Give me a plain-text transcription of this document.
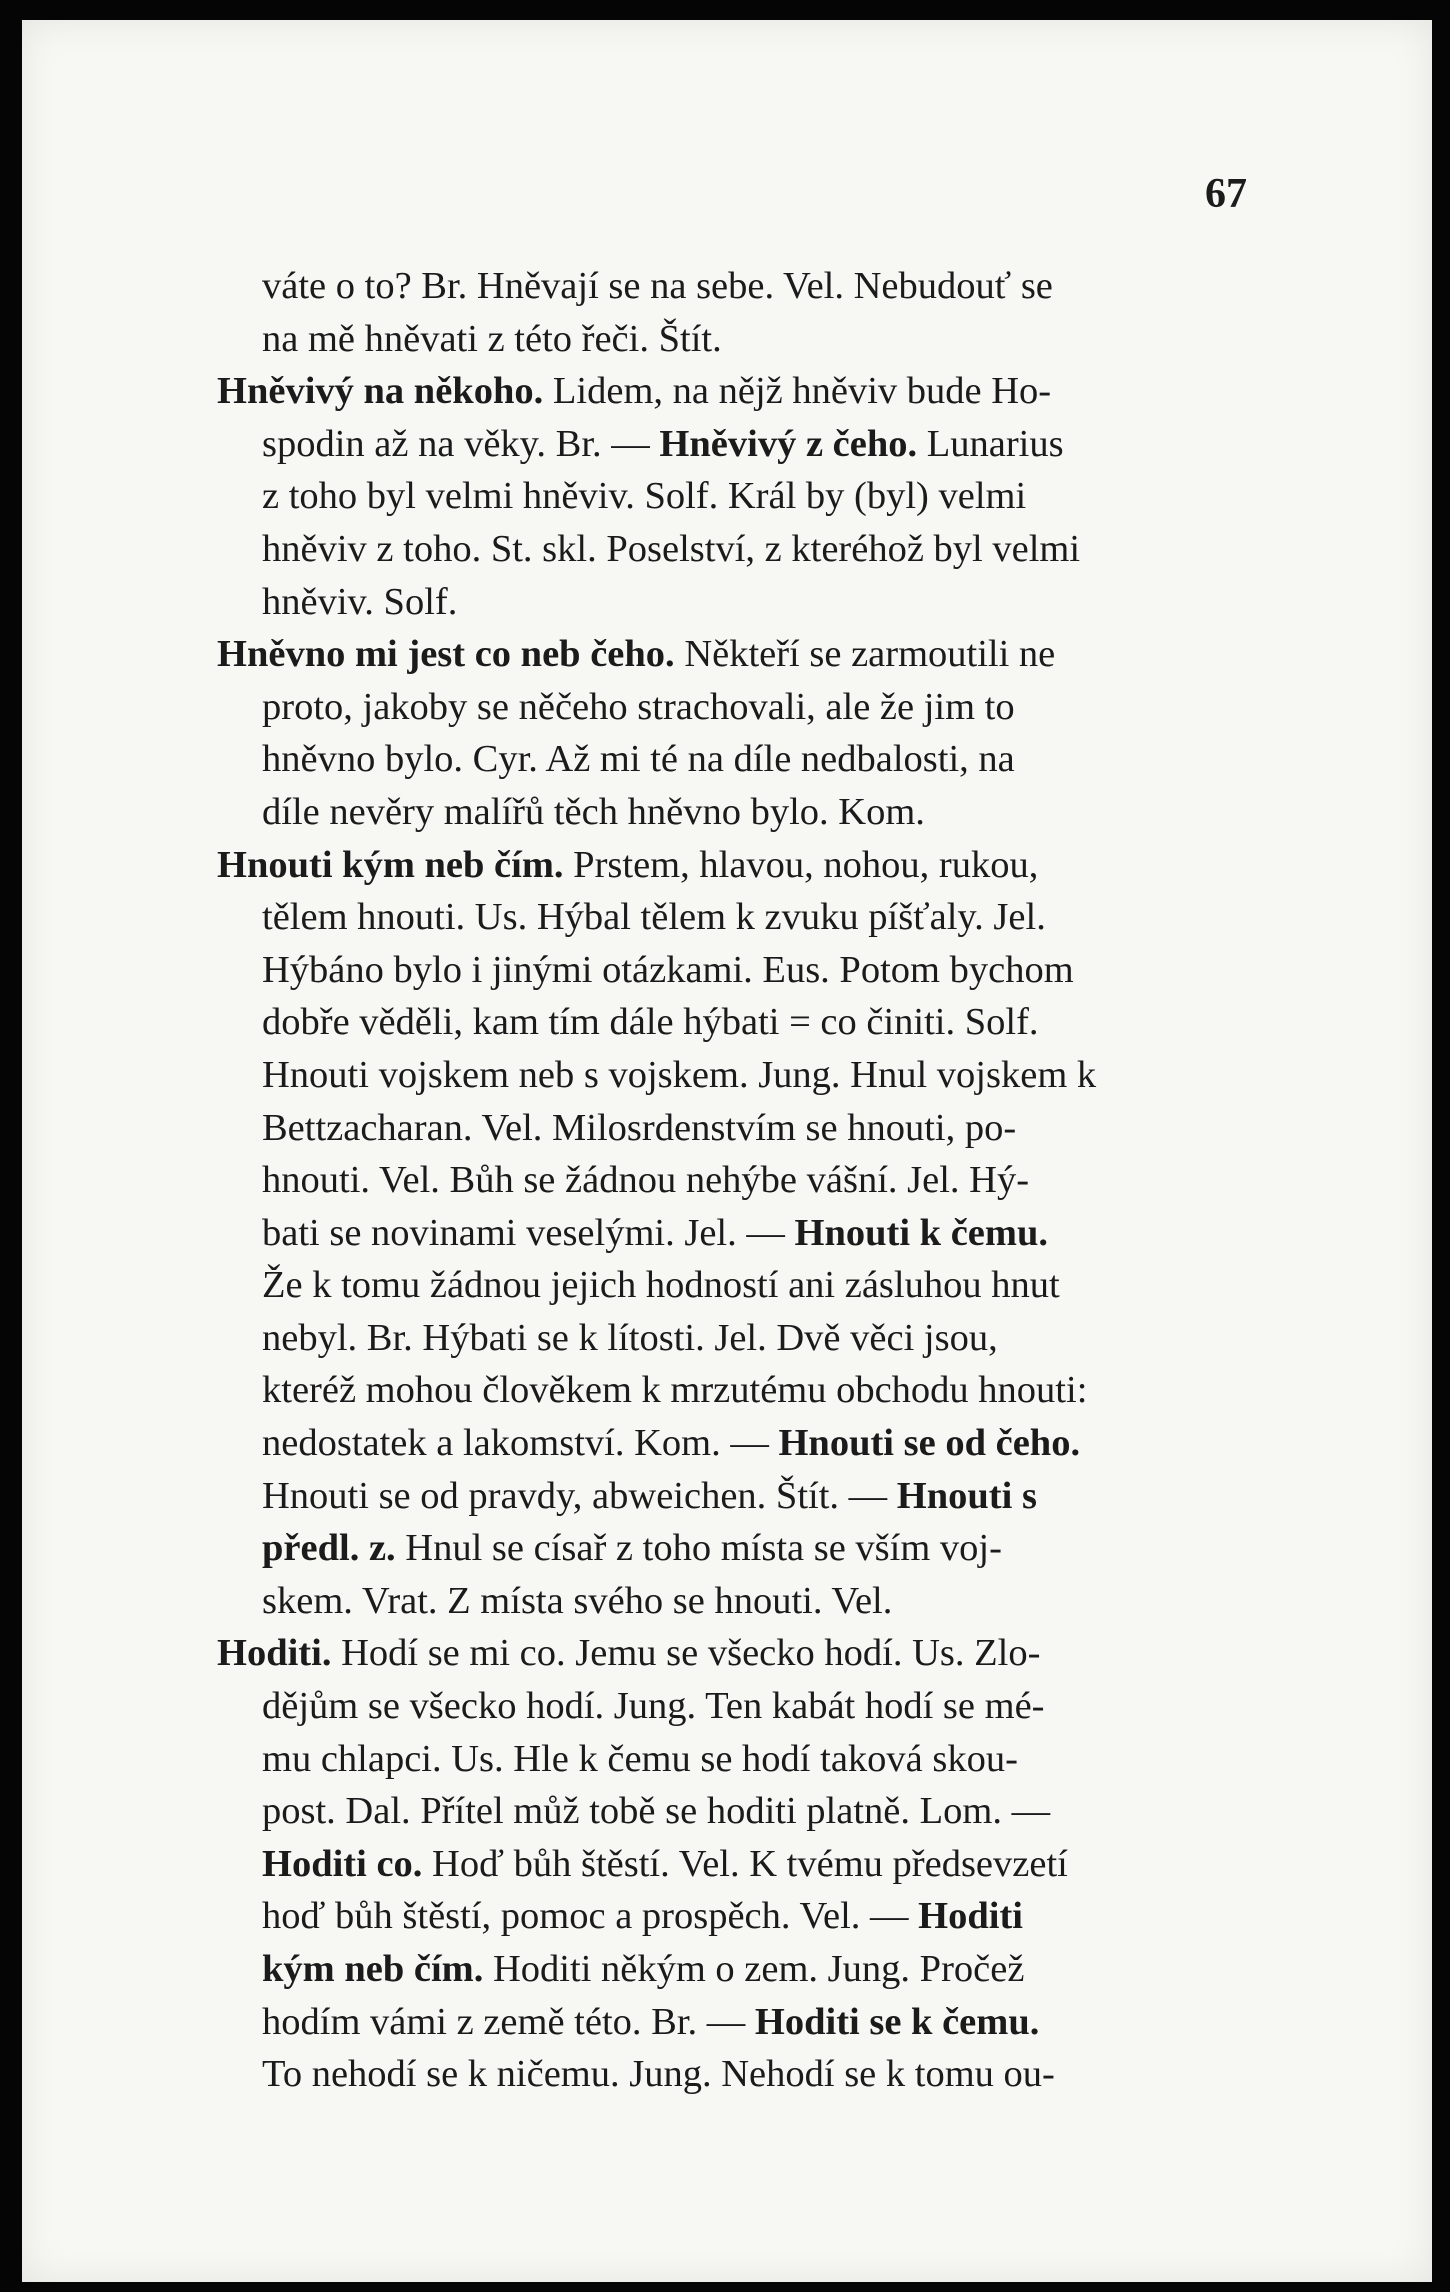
67
váte o to? Br. Hněvají se na sebe. Vel. Nebudouť se
na mě hněvati z této řeči. Štít.
Hněvivý na někoho. Lidem, na nějž hněviv bude Ho-
spodin až na věky. Br. — Hněvivý z čeho. Lunarius
z toho byl velmi hněviv. Solf. Král by (byl) velmi
hněviv z toho. St. skl. Poselství, z kteréhož byl velmi
hněviv. Solf.
Hněvno mi jest co neb čeho. Někteří se zarmoutili ne
proto, jakoby se něčeho strachovali, ale že jim to
hněvno bylo. Cyr. Až mi té na díle nedbalosti, na
díle nevěry malířů těch hněvno bylo. Kom.
Hnouti kým neb čím. Prstem, hlavou, nohou, rukou,
tělem hnouti. Us. Hýbal tělem k zvuku píšťaly. Jel.
Hýbáno bylo i jinými otázkami. Eus. Potom bychom
dobře věděli, kam tím dále hýbati = co činiti. Solf.
Hnouti vojskem neb s vojskem. Jung. Hnul vojskem k
Bettzacharan. Vel. Milosrdenstvím se hnouti, po-
hnouti. Vel. Bůh se žádnou nehýbe vášní. Jel. Hý-
bati se novinami veselými. Jel. — Hnouti k čemu.
Že k tomu žádnou jejich hodností ani zásluhou hnut
nebyl. Br. Hýbati se k lítosti. Jel. Dvě věci jsou,
kteréž mohou člověkem k mrzutému obchodu hnouti:
nedostatek a lakomství. Kom. — Hnouti se od čeho.
Hnouti se od pravdy, abweichen. Štít. — Hnouti s
předl. z. Hnul se císař z toho místa se vším voj-
skem. Vrat. Z místa svého se hnouti. Vel.
Hoditi. Hodí se mi co. Jemu se všecko hodí. Us. Zlo-
dějům se všecko hodí. Jung. Ten kabát hodí se mé-
mu chlapci. Us. Hle k čemu se hodí taková skou-
post. Dal. Přítel můž tobě se hoditi platně. Lom. —
Hoditi co. Hoď bůh štěstí. Vel. K tvému předsevzetí
hoď bůh štěstí, pomoc a prospěch. Vel. — Hoditi
kým neb čím. Hoditi někým o zem. Jung. Pročež
hodím vámi z země této. Br. — Hoditi se k čemu.
To nehodí se k ničemu. Jung. Nehodí se k tomu ou-
